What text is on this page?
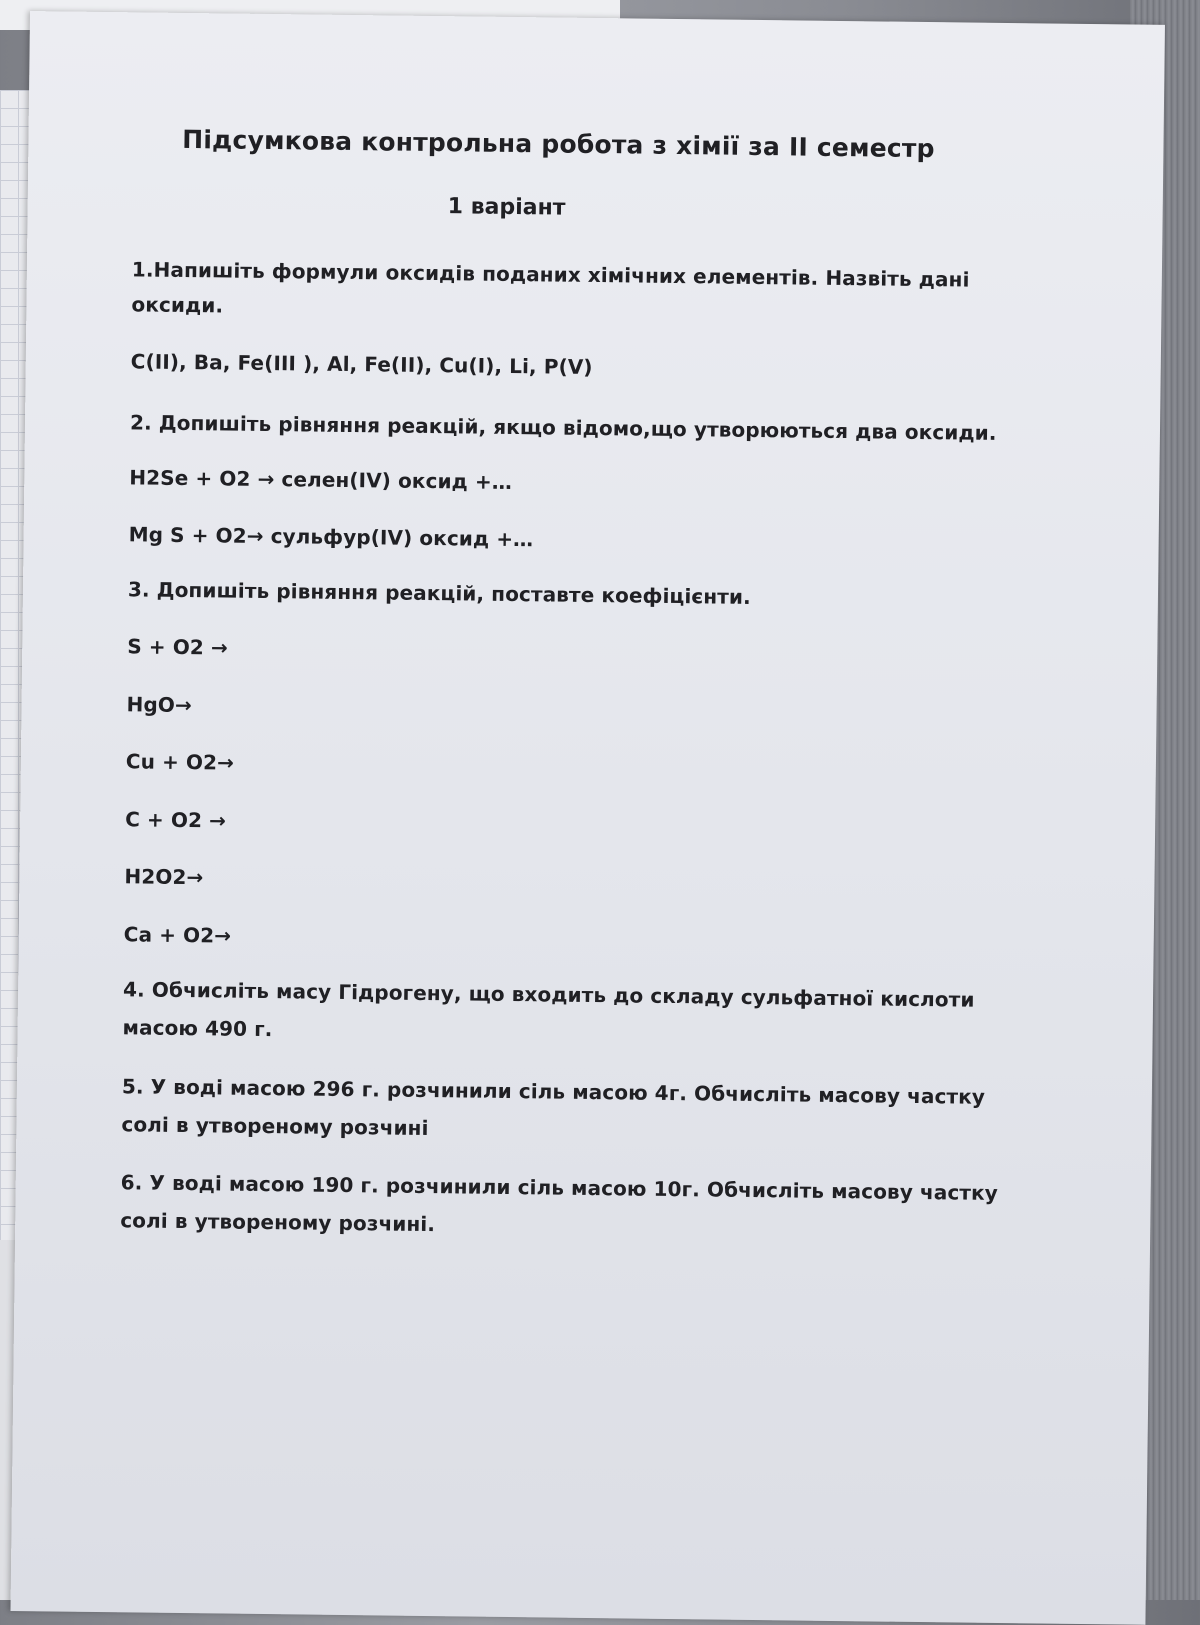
Підсумкова контрольна робота з хімії за ІІ семестр
1 варіант
1.Напишіть формули оксидів поданих хімічних елементів. Назвіть дані
оксиди.
C(II), Ba, Fe(III ), Al, Fe(II), Cu(I), Li, P(V)
2. Допишіть рівняння реакцій, якщо відомо,що утворюються два оксиди.
H2Se + O2 → селен(IV) оксид +…
Mg S + O2→ сульфур(IV) оксид +…
3. Допишіть рівняння реакцій, поставте коефіцієнти.
S + O2 →
HgO→
Cu + O2→
C + O2 →
H2O2→
Ca + O2→
4. Обчисліть масу Гідрогену, що входить до складу сульфатної кислоти
масою 490 г.
5. У воді масою 296 г. розчинили сіль масою 4г. Обчисліть масову частку
солі в утвореному розчині
6. У воді масою 190 г. розчинили сіль масою 10г. Обчисліть масову частку
солі в утвореному розчині.
